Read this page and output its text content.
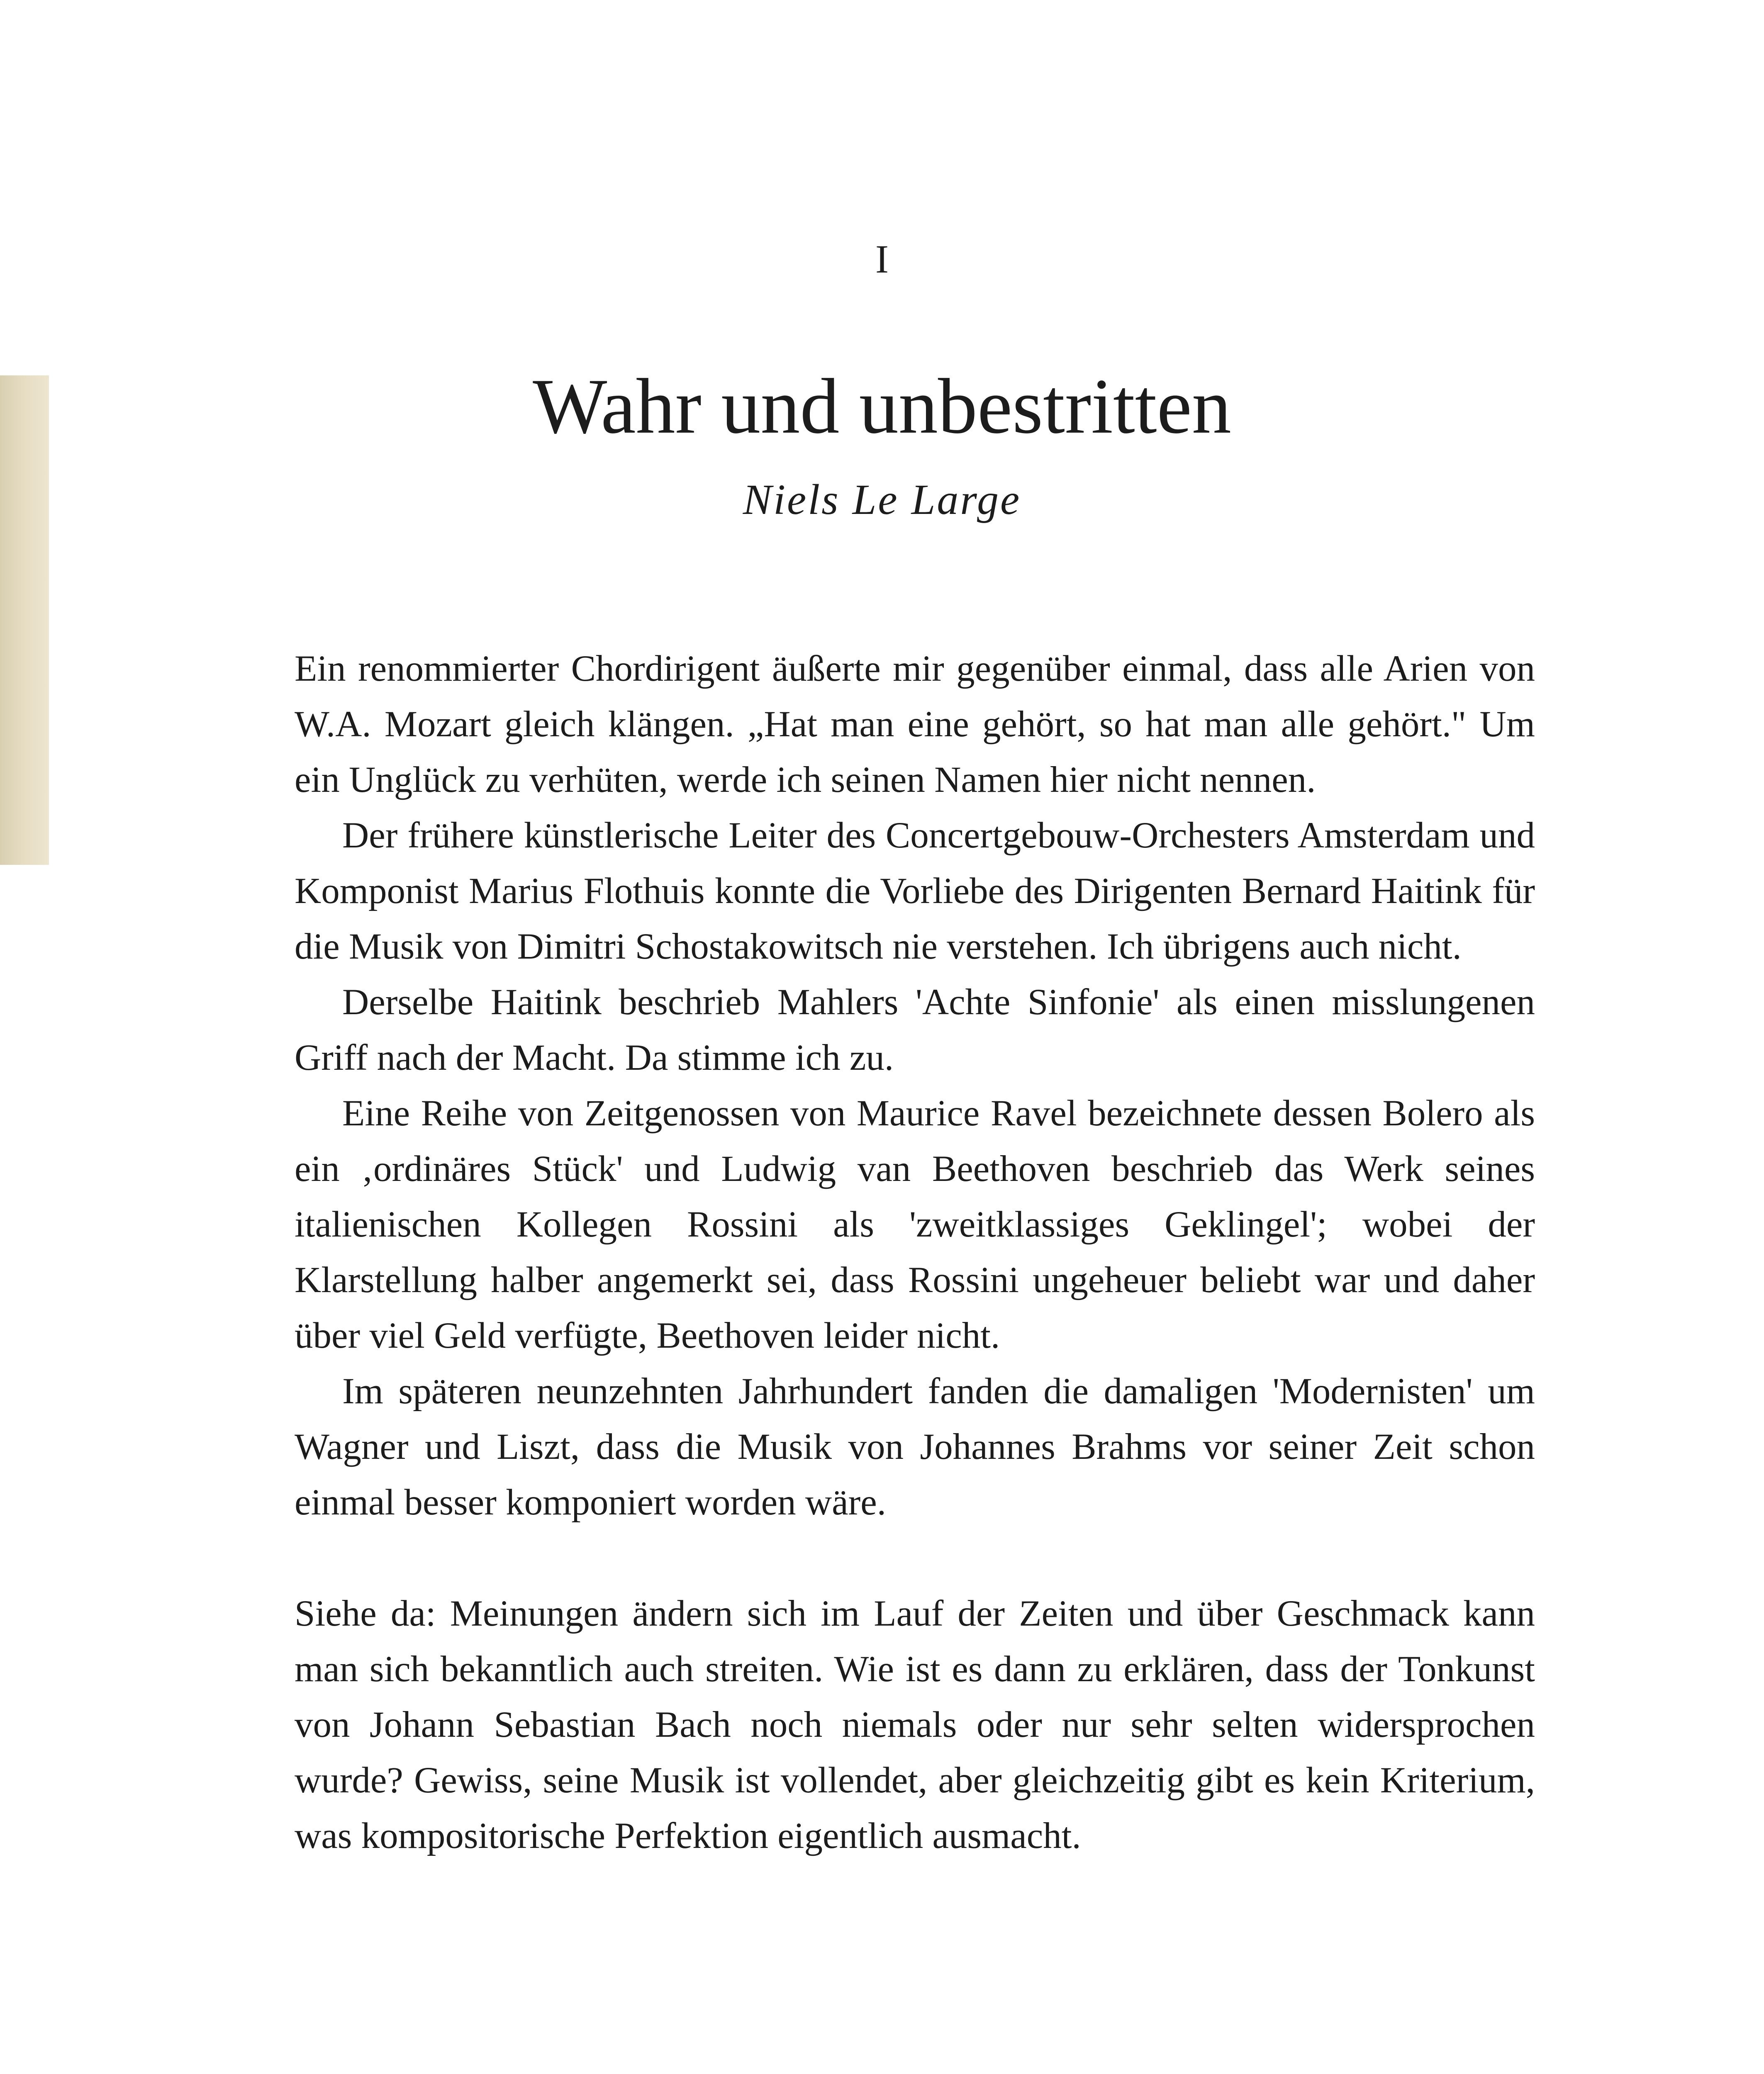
I
Wahr und unbestritten
Niels Le Large

Ein renommierter Chordirigent äußerte mir gegenüber einmal, dass alle Arien von W.A. Mozart gleich klängen. „Hat man eine gehört, so hat man alle gehört." Um ein Unglück zu verhüten, werde ich seinen Namen hier nicht nennen.

Der frühere künstlerische Leiter des Concertgebouw-Orchesters Amsterdam und Komponist Marius Flothuis konnte die Vorliebe des Dirigenten Bernard Haitink für die Musik von Dimitri Schostakowitsch nie verstehen. Ich übrigens auch nicht.

Derselbe Haitink beschrieb Mahlers 'Achte Sinfonie' als einen misslungenen Griff nach der Macht. Da stimme ich zu.

Eine Reihe von Zeitgenossen von Maurice Ravel bezeichnete dessen Bolero als ein ‚ordinäres Stück' und Ludwig van Beethoven beschrieb das Werk seines italienischen Kollegen Rossini als 'zweitklassiges Geklingel'; wobei der Klarstellung halber angemerkt sei, dass Rossini ungeheuer beliebt war und daher über viel Geld verfügte, Beethoven leider nicht.

Im späteren neunzehnten Jahrhundert fanden die damaligen 'Modernisten' um Wagner und Liszt, dass die Musik von Johannes Brahms vor seiner Zeit schon einmal besser komponiert worden wäre.

Siehe da: Meinungen ändern sich im Lauf der Zeiten und über Geschmack kann man sich bekanntlich auch streiten. Wie ist es dann zu erklären, dass der Tonkunst von Johann Sebastian Bach noch niemals oder nur sehr selten widersprochen wurde? Gewiss, seine Musik ist vollendet, aber gleichzeitig gibt es kein Kriterium, was kompositorische Perfektion eigentlich ausmacht.
